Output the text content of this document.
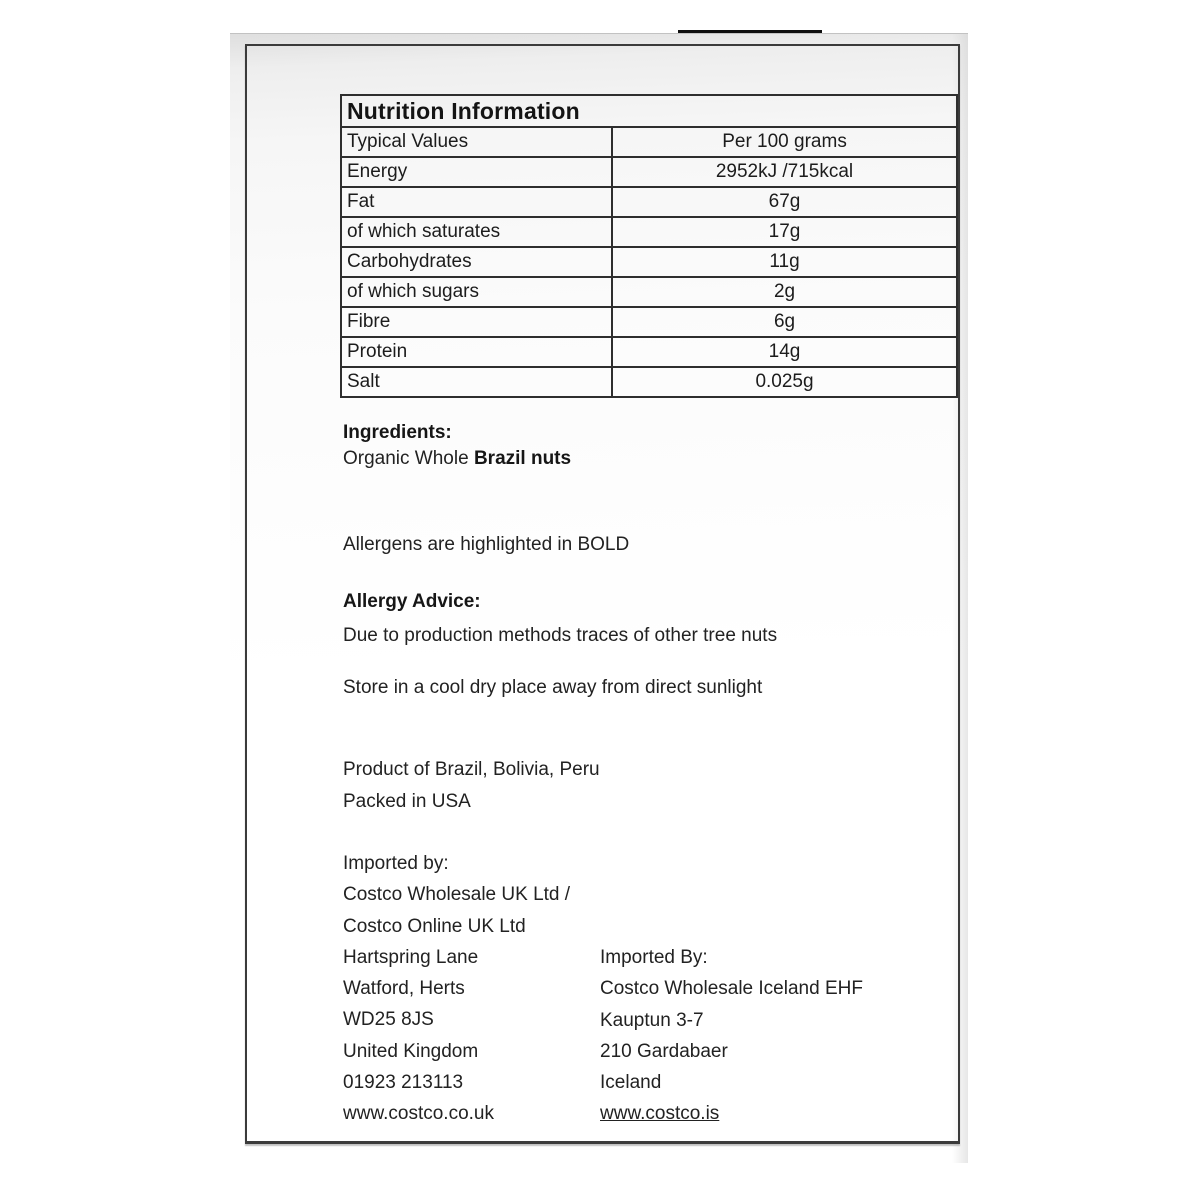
Nutrition Information	
Typical Values	Per 100 grams
Energy	2952kJ /715kcal
Fat	67g
of which saturates	17g
Carbohydrates	11g
of which sugars	2g
Fibre	6g
Protein	14g
Salt	0.025g
Ingredients:
Organic Whole Brazil nuts
Allergens are highlighted in BOLD
Allergy Advice:
Due to production methods traces of other tree nuts
Store in a cool dry place away from direct sunlight
Product of Brazil, Bolivia, Peru
Packed in USA
Imported by:
Costco Wholesale UK Ltd /
Costco Online UK Ltd
Hartspring Lane
Watford, Herts
WD25 8JS
United Kingdom
01923 213113
www.costco.co.uk
Imported By:
Costco Wholesale Iceland EHF
Kauptun 3-7
210 Gardabaer
Iceland
www.costco.is
